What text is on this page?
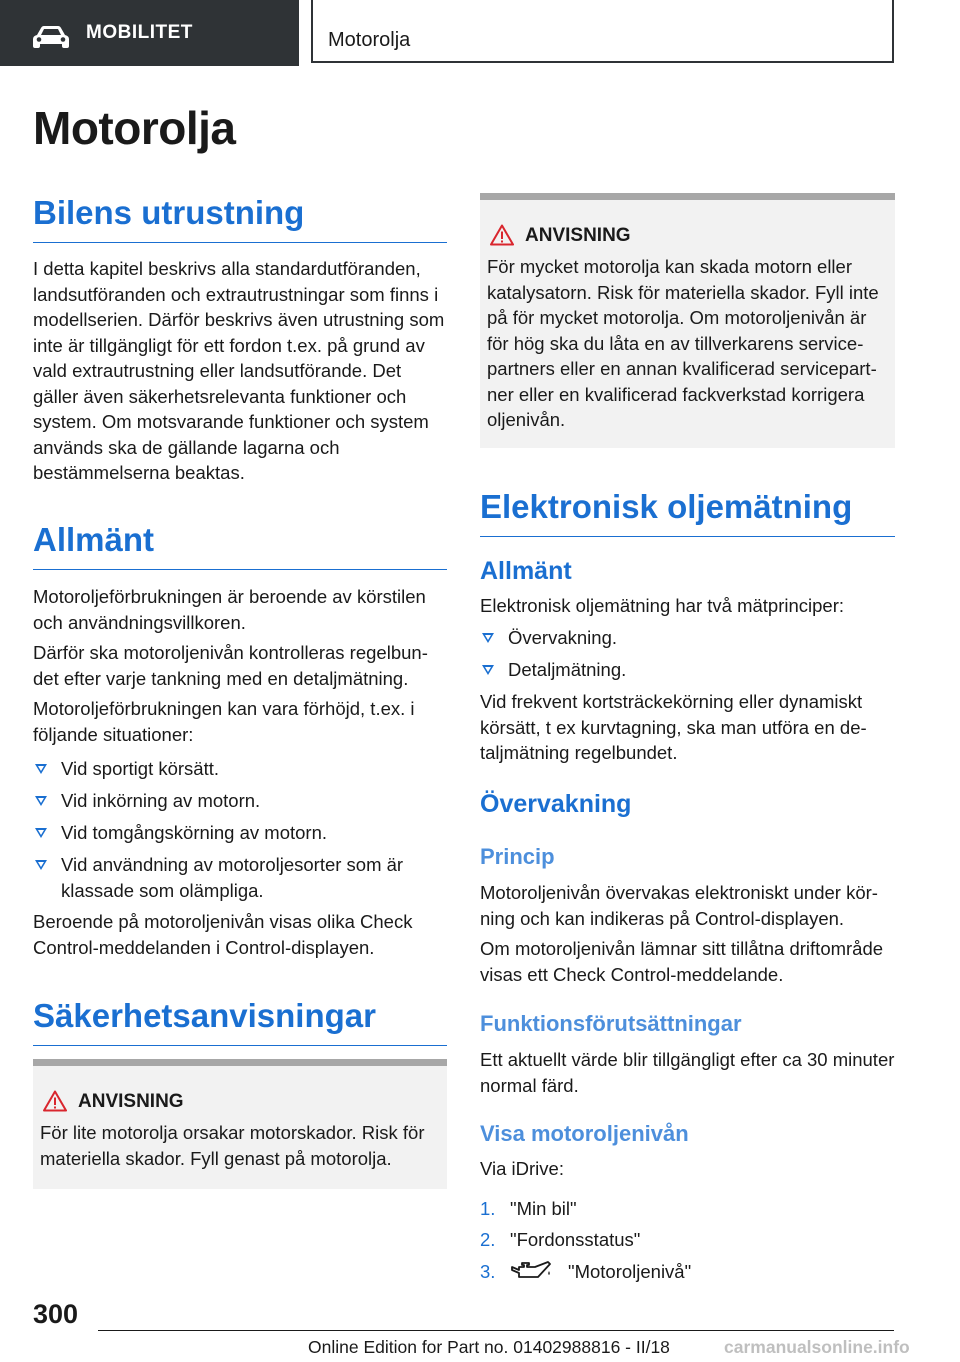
MOBILITET	Motorolja
Motorolja
Bilens utrustning

I detta kapitel beskrivs alla standardutföranden, landsutföranden och extrautrustningar som finns i modellserien. Därför beskrivs även utrustning som inte är tillgängligt för ett fordon t.ex. på grund av vald extrautrustning eller landsutförande. Det gäller även säkerhetsrelevanta funktioner och system. Om motsvarande funktioner och system används ska de gällande lagarna och bestämmelserna beaktas.

Allmänt

Motoroljeförbrukningen är beroende av körstilen och användningsvillkoren.

Därför ska motoroljenivån kontrolleras regelbundet efter varje tankning med en detaljmätning.

Motoroljeförbrukningen kan vara förhöjd, t.ex. i följande situationer:

Vid sportigt körsätt.
Vid inkörning av motorn.
Vid tomgångskörning av motorn.
Vid användning av motoroljesorter som är klassade som olämpliga.

Beroende på motoroljenivån visas olika Check Control-meddelanden i Control-displayen.

Säkerhetsanvisningar
ANVISNING

För lite motorolja orsakar motorskador. Risk för materiella skador. Fyll genast på motorolja.

ANVISNING

För mycket motorolja kan skada motorn eller katalysatorn. Risk för materiella skador. Fyll inte på för mycket motorolja. Om motoroljenivån är för hög ska du låta en av tillverkarens servicepartners eller en annan kvalificerad servicepartner eller en kvalificerad fackverkstad korrigera oljenivån.

Elektronisk oljemätning
Allmänt

Elektronisk oljemätning har två mätprinciper:

Övervakning.
Detaljmätning.

Vid frekvent kortsträckekörning eller dynamiskt körsätt, t ex kurvtagning, ska man utföra en detaljmätning regelbundet.

Övervakning
Princip

Motoroljenivån övervakas elektroniskt under körning och kan indikeras på Control-displayen.

Om motoroljenivån lämnar sitt tillåtna driftområde visas ett Check Control-meddelande.

Funktionsförutsättningar

Ett aktuellt värde blir tillgängligt efter ca 30 minuter normal färd.

Visa motoroljenivån

Via iDrive:

1. "Min bil"
2. "Fordonsstatus"
3.	"Motoroljenivå"
300
Online Edition for Part no. 01402988816 - II/18	carmanualsonline.info
